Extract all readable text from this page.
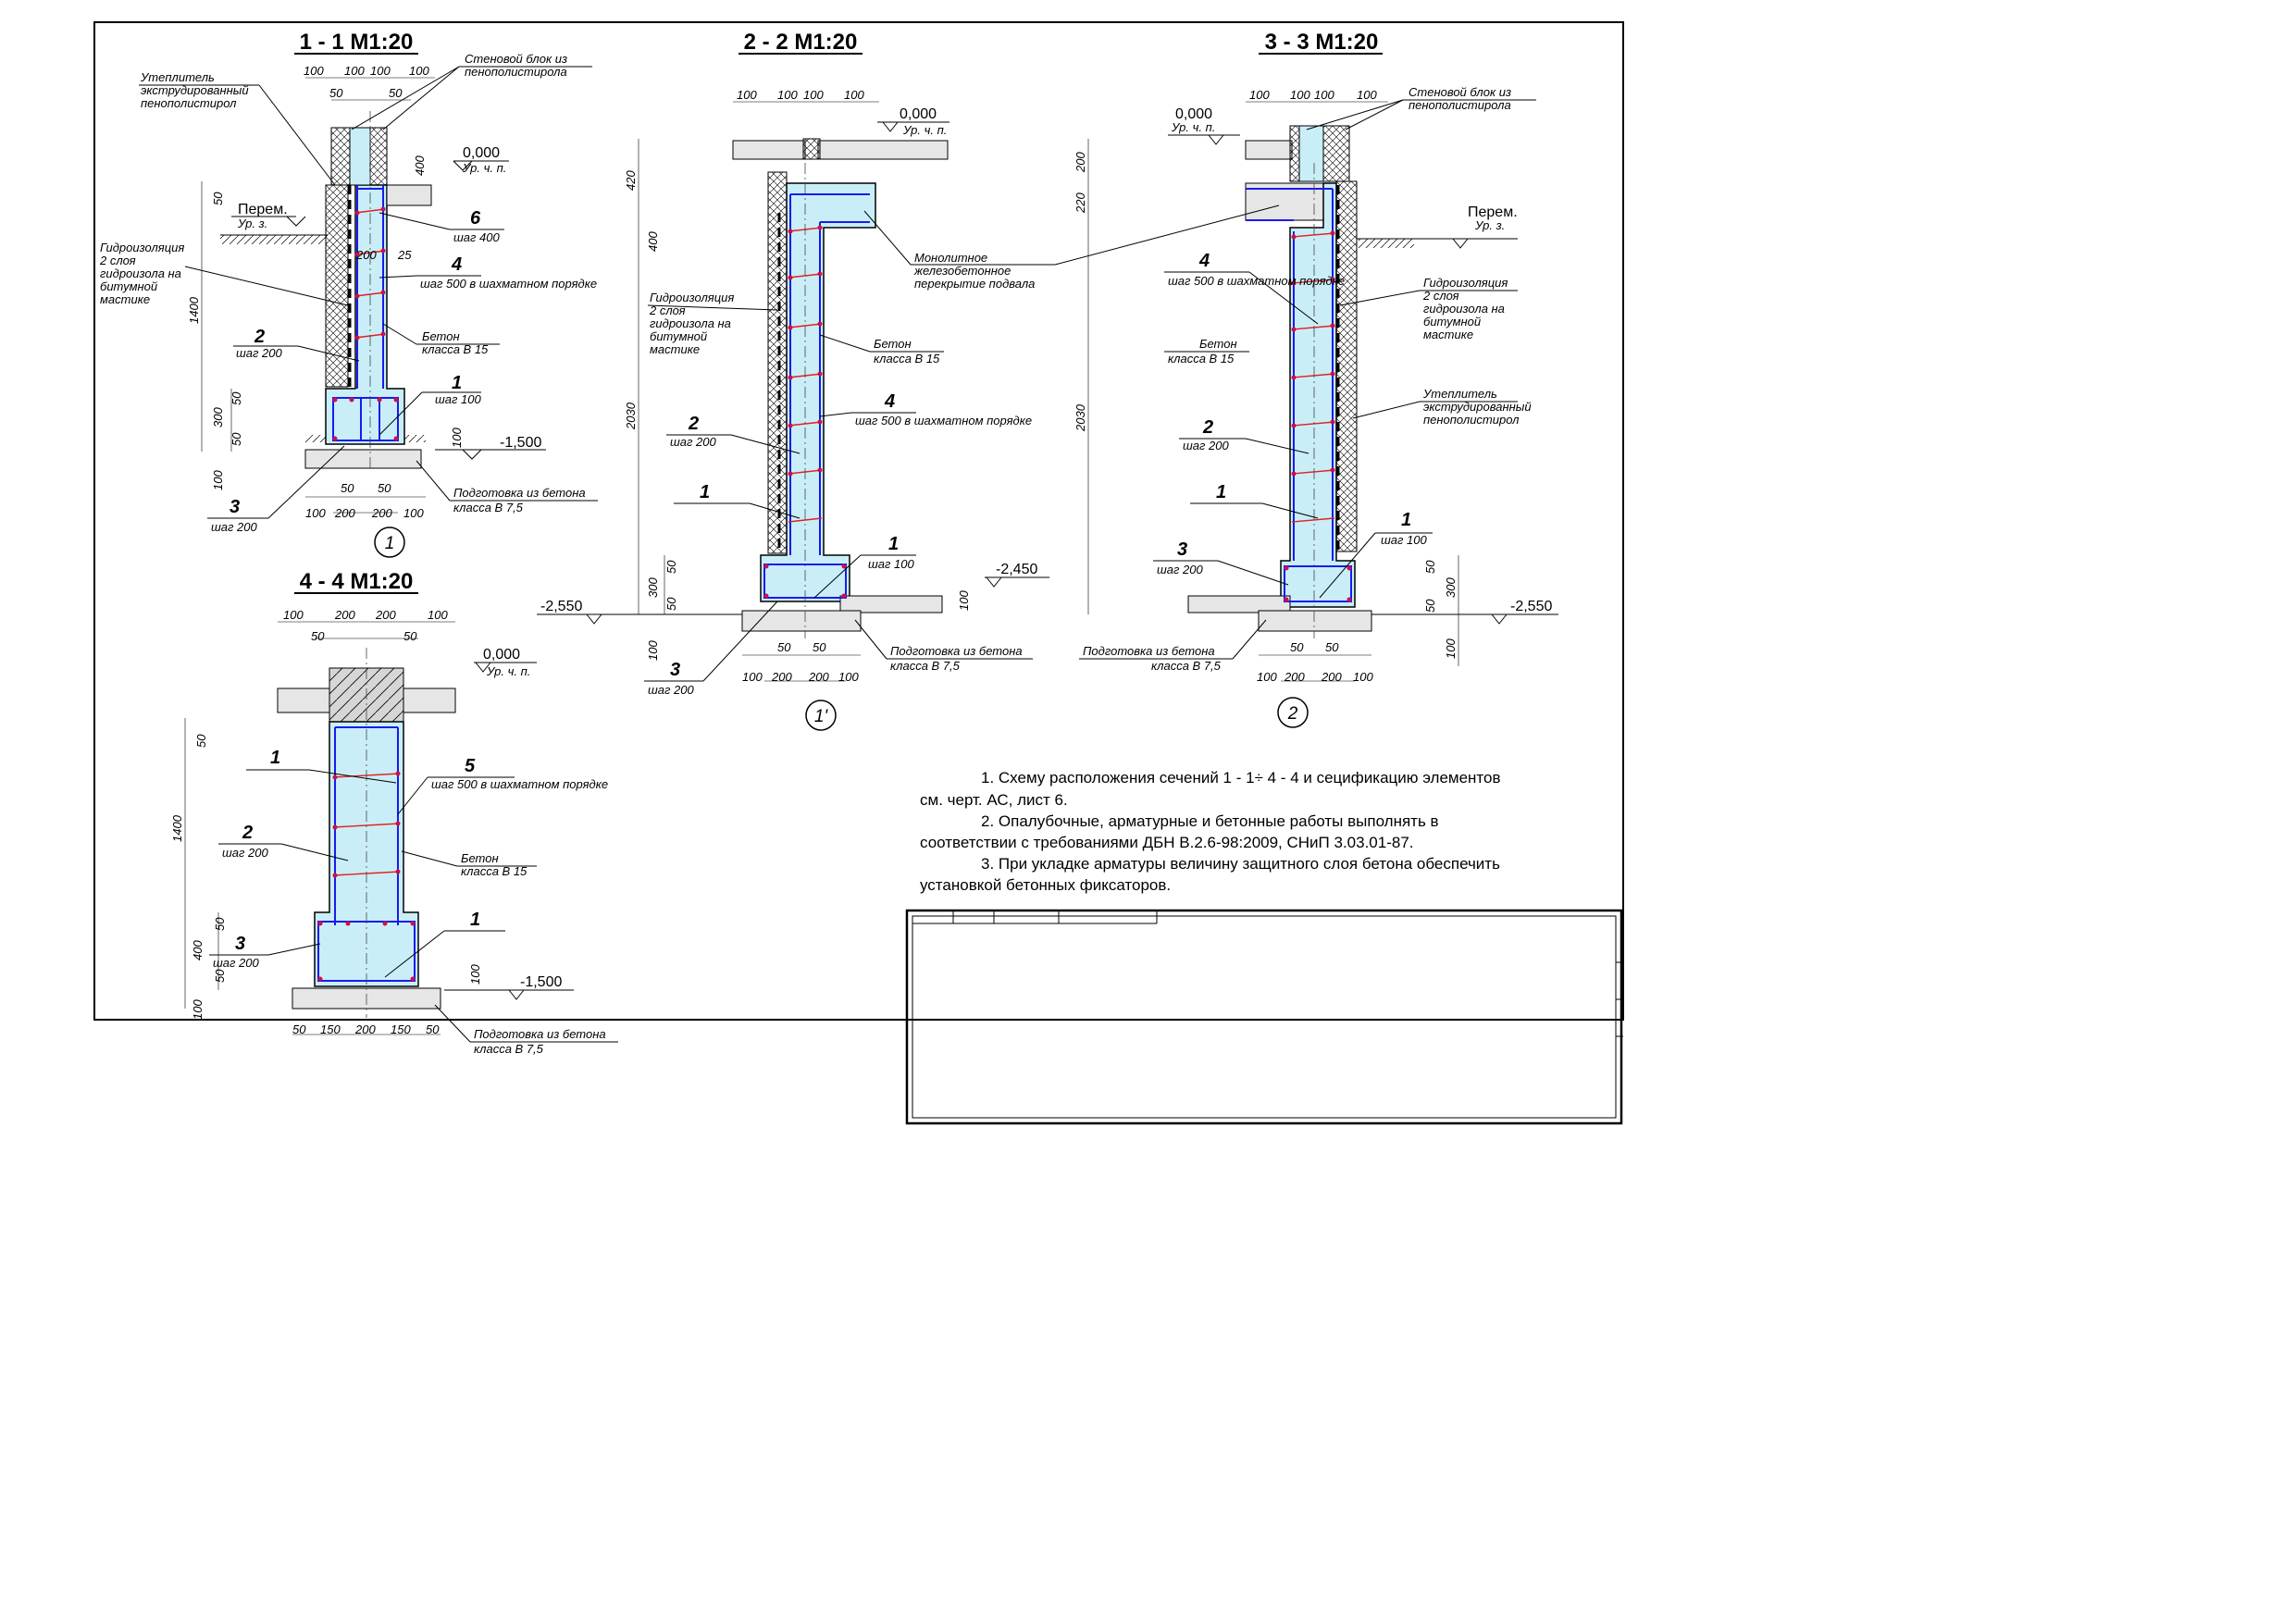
1 - 1 М1:20
0,000
Ур. ч. п.
Перем.
Ур. з.
-1,500
Утеплитель
экструдированный
пенополистирол
Стеновой блок из
пенополистирола
Гидроизоляция
2 слоя
гидроизола на
битумной
мастике
Бетон
класса В 15
Подготовка из бетона
класса В 7,5
6
шаг 400
4
шаг 500 в шахматном порядке
2
шаг 200
1
шаг 100
3
шаг 200
100 100 100 100
50	50
50 50
100 200 200 100
50
1400
50
300
50
100
400
200 25
100
1
2 - 2 М1:20
0,000
Ур. ч. п.
-2,450
-2,550
Монолитное
железобетонное
перекрытие подвала
Гидроизоляция
2 слоя
гидроизола на
битумной
мастике	Бетон
класса В 15
Подготовка из бетона
класса В 7,5
4
шаг 500 в шахматном порядке
2
шаг 200
1
1
шаг 100
3
шаг 200
100 100 100 100
50 50
100 200 200 100
420
400
2030
50
300
50
100
100
1'
3 - 3 М1:20
0,000
Ур. ч. п.
Перем.
Ур. з.
-2,550
Стеновой блок из
пенополистирола
Гидроизоляция
2 слоя
гидроизола на
битумной
мастике
Утеплитель
экструдированный
пенополистирол
Бетон
класса В 15
Подготовка из бетона
класса В 7,5
4
шаг 500 в шахматном порядке
2
шаг 200
1
1
шаг 100
3
шаг 200
100 100 100 100
50 50
100 200 200 100
200
220
2030
50
300
50
100
2
4 - 4 М1:20
0,000
Ур. ч. п.
-1,500
Бетон
класса В 15
Подготовка из бетона
класса В 7,5
1	5
шаг 500 в шахматном порядке
2
шаг 200
3
шаг 200
1
100	200 200	100
50	50
50 150 200 150 50
50
1400
50
400
50
100
100
1. Схему расположения сечений 1 - 1÷ 4 - 4 и сецификацию элементов
см. черт. АС, лист 6.
2. Опалубочные, арматурные и бетонные работы выполнять в
соответствии с требованиями ДБН В.2.6-98:2009, СНиП 3.03.01-87.
3. При укладке арматуры величину защитного слоя бетона обеспечить
установкой бетонных фиксаторов.
